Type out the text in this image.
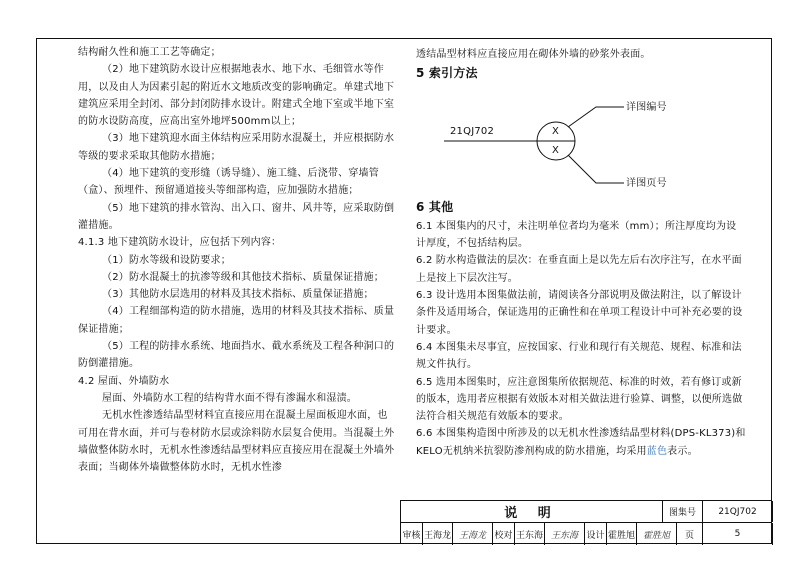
结构耐久性和施工工艺等确定；

（2）地下建筑防水设计应根据地表水、地下水、毛细管水等作用，以及由人为因素引起的附近水文地质改变的影响确定。单建式地下建筑应采用全封闭、部分封闭防排水设计。附建式全地下室或半地下室的防水设防高度，应高出室外地坪500mm以上；

（3）地下建筑迎水面主体结构应采用防水混凝土，并应根据防水等级的要求采取其他防水措施；

（4）地下建筑的变形缝（诱导缝）、施工缝、后浇带、穿墙管（盒）、预埋件、预留通道接头等细部构造，应加强防水措施；

（5）地下建筑的排水管沟、出入口、窗井、风井等，应采取防倒灌措施。

4.1.3 地下建筑防水设计，应包括下列内容：

（1）防水等级和设防要求；

（2）防水混凝土的抗渗等级和其他技术指标、质量保证措施；

（3）其他防水层选用的材料及其技术指标、质量保证措施；

（4）工程细部构造的防水措施，选用的材料及其技术指标、质量保证措施；

（5）工程的防排水系统、地面挡水、截水系统及工程各种洞口的防倒灌措施。

4.2 屋面、外墙防水

屋面、外墙防水工程的结构背水面不得有渗漏水和湿渍。

无机水性渗透结晶型材料宜直接应用在混凝土屋面板迎水面，也可用在背水面，并可与卷材防水层或涂料防水层复合使用。当混凝土外墙做整体防水时，无机水性渗透结晶型材料应直接应用在混凝土外墙外表面；当砌体外墙做整体防水时，无机水性渗

透结晶型材料应直接应用在砌体外墙的砂浆外表面。

5 索引方法

21QJ702	X
X
详图编号
详图页号

6 其他

6.1 本图集内的尺寸，未注明单位者均为毫米（mm）；所注厚度均为设计厚度，不包括结构层。

6.2 防水构造做法的层次：在垂直面上是以先左后右次序注写，在水平面上是按上下层次注写。

6.3 设计选用本图集做法前，请阅读各分部说明及做法附注，以了解设计条件及适用场合，保证选用的正确性和在单项工程设计中可补充必要的设计要求。

6.4 本图集未尽事宜，应按国家、行业和现行有关规范、规程、标准和法规文件执行。

6.5 选用本图集时，应注意图集所依据规范、标准的时效，若有修订或新的版本，选用者应根据有效版本对相关做法进行验算、调整，以便所选做法符合相关规范有效版本的要求。

6.6 本图集构造图中所涉及的以无机水性渗透结晶型材料(DPS-KL373)和KELO无机纳米抗裂防渗剂构成的防水措施，均采用蓝色表示。

说 明	图集号	21QJ702
审核 王海龙 王海龙 校对 王东海 王东海 设计 霍胜旭 霍胜旭	页	5
